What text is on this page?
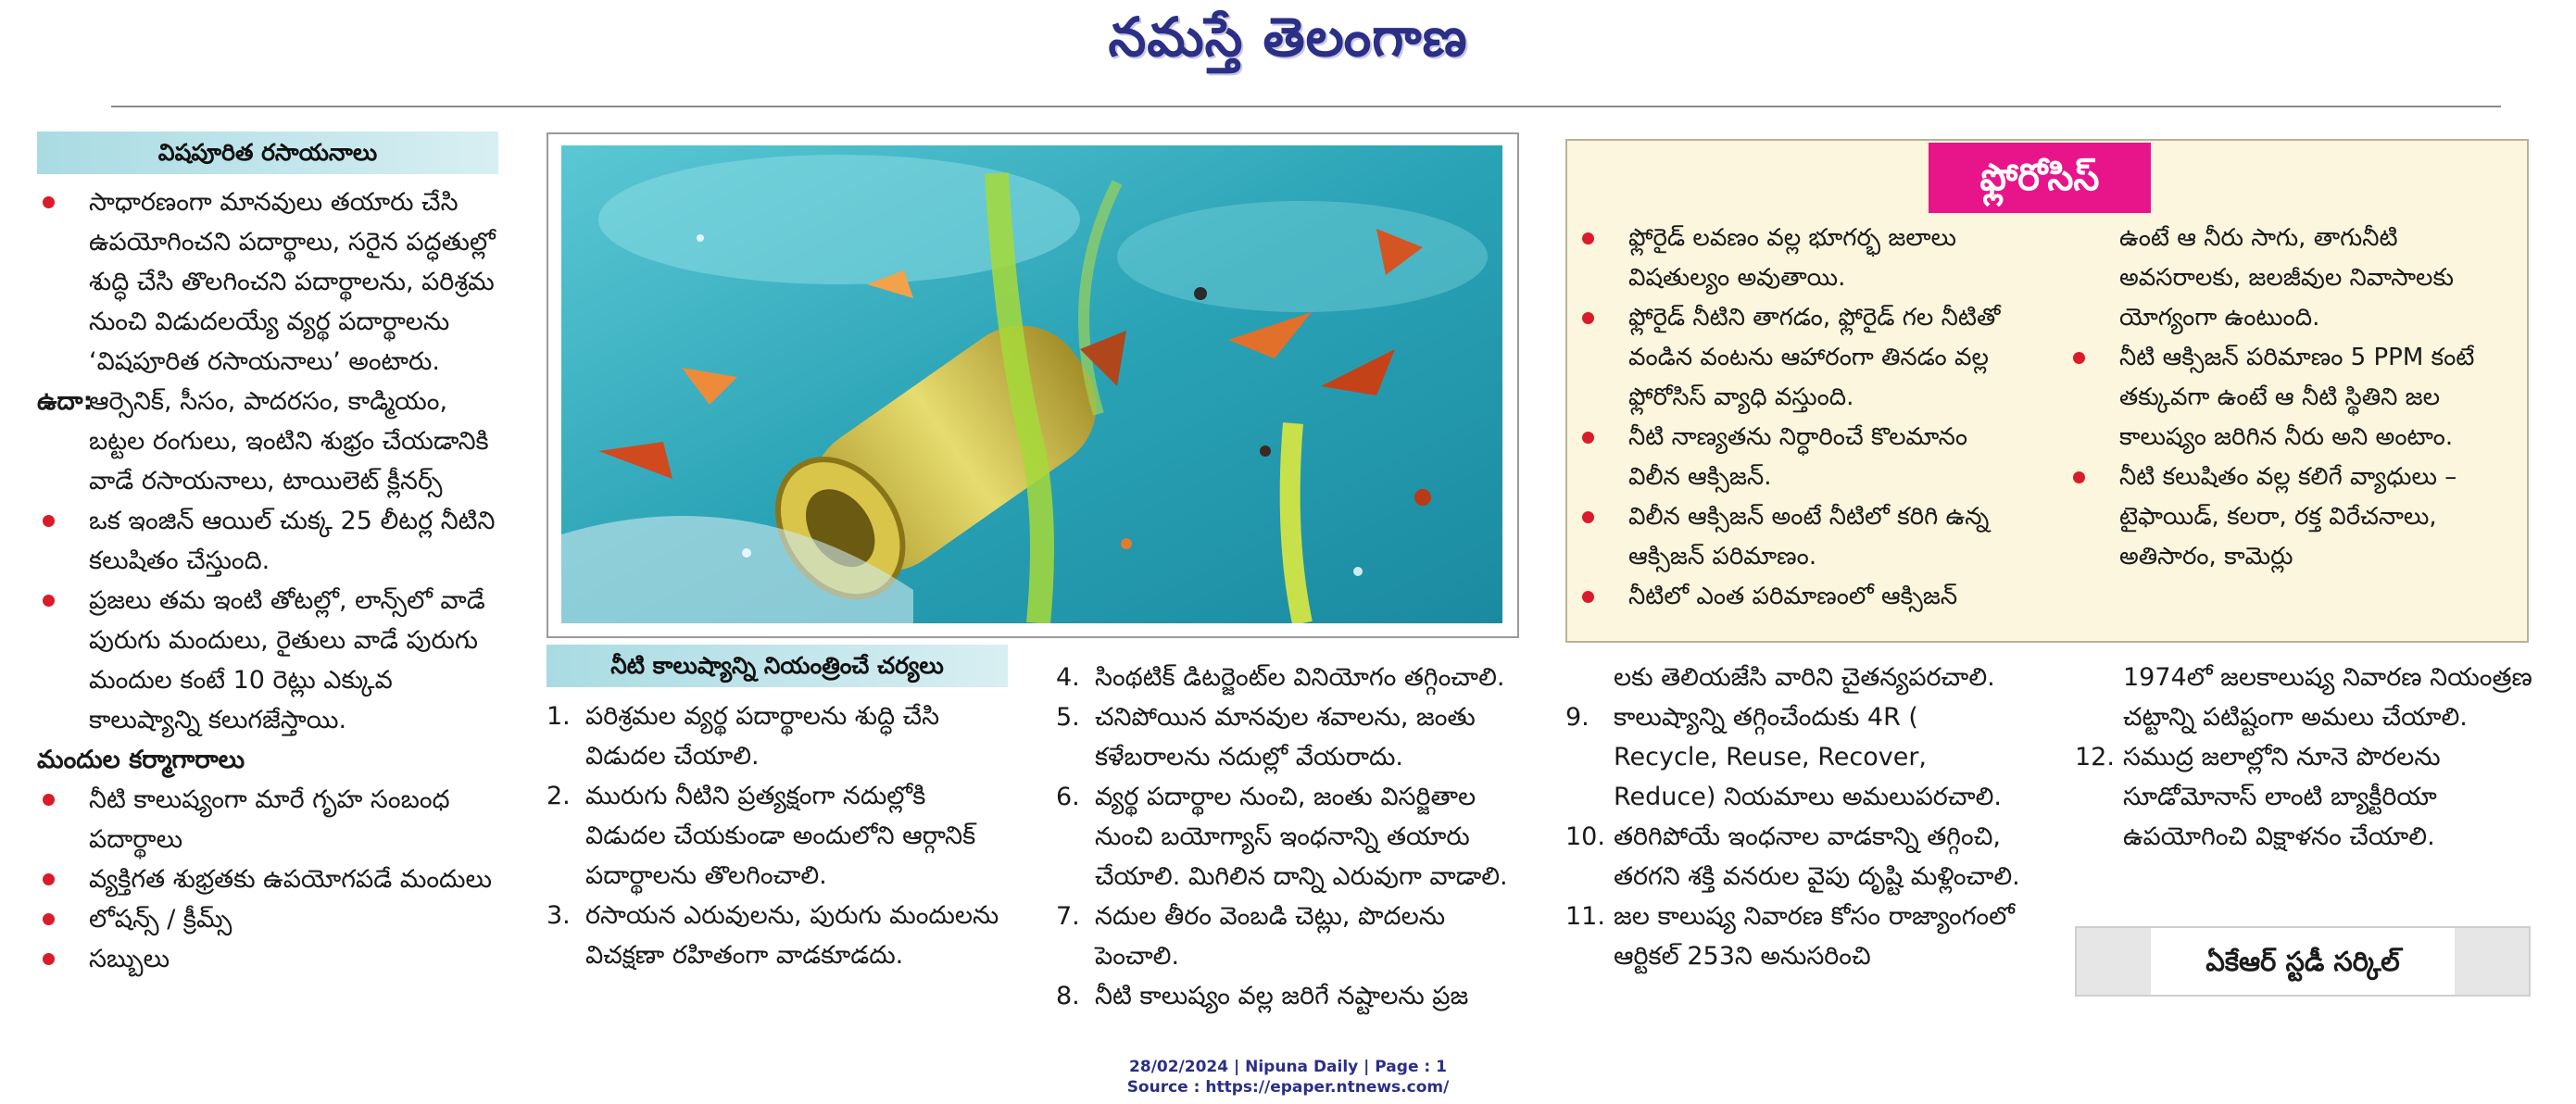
నమస్తే తెలంగాణ
విషపూరిత రసాయనాలు
సాధారణంగా మానవులు తయారు చేసి ఉపయోగించని పదార్థాలు, సరైన పద్ధతుల్లో శుద్ధి చేసి తొలగించని పదార్థాలను, పరిశ్రమ నుంచి విడుదలయ్యే వ్యర్థ పదార్థాలను ‘విషపూరిత రసాయనాలు’ అంటారు.

ఉదా:
ఆర్సెనిక్, సీసం, పాదరసం, కాడ్మియం, బట్టల రంగులు, ఇంటిని శుభ్రం చేయడానికి వాడే రసాయనాలు, టాయిలెట్ క్లీనర్స్

ఒక ఇంజిన్ ఆయిల్ చుక్క 25 లీటర్ల నీటిని కలుషితం చేస్తుంది.
ప్రజలు తమ ఇంటి తోటల్లో, లాన్స్‌లో వాడే పురుగు మందులు, రైతులు వాడే పురుగు మందుల కంటే 10 రెట్లు ఎక్కువ కాలుష్యాన్ని కలుగజేస్తాయి.

మందుల కర్మాగారాలు

నీటి కాలుష్యంగా మారే గృహ సంబంధ పదార్థాలు
వ్యక్తిగత శుభ్రతకు ఉపయోగపడే మందులు
లోషన్స్ / క్రీమ్స్
సబ్బులు
ఫ్లోరోసిస్
ఫ్లోరైడ్ లవణం వల్ల భూగర్భ జలాలు విషతుల్యం అవుతాయి.
ఫ్లోరైడ్ నీటిని తాగడం, ఫ్లోరైడ్ గల నీటితో వండిన వంటను ఆహారంగా తినడం వల్ల ఫ్లోరోసిస్ వ్యాధి వస్తుంది.
నీటి నాణ్యతను నిర్ధారించే కొలమానం విలీన ఆక్సిజన్.
విలీన ఆక్సిజన్ అంటే నీటిలో కరిగి ఉన్న ఆక్సిజన్ పరిమాణం.
నీటిలో ఎంత పరిమాణంలో ఆక్సిజన్

ఉంటే ఆ నీరు సాగు, తాగునీటి అవసరాలకు, జలజీవుల నివాసాలకు యోగ్యంగా ఉంటుంది.

నీటి ఆక్సిజన్ పరిమాణం 5 PPM కంటే తక్కువగా ఉంటే ఆ నీటి స్థితిని జల కాలుష్యం జరిగిన నీరు అని అంటాం.
నీటి కలుషితం వల్ల కలిగే వ్యాధులు – టైఫాయిడ్, కలరా, రక్త విరేచనాలు, అతిసారం, కామెర్లు
నీటి కాలుష్యాన్ని నియంత్రించే చర్యలు
1. పరిశ్రమల వ్యర్థ పదార్థాలను శుద్ధి చేసి విడుదల చేయాలి.
2. మురుగు నీటిని ప్రత్యక్షంగా నదుల్లోకి విడుదల చేయకుండా అందులోని ఆర్గానిక్ పదార్థాలను తొలగించాలి.
3. రసాయన ఎరువులను, పురుగు మందులను విచక్షణా రహితంగా వాడకూడదు.
4. సింథటిక్ డిటర్జెంట్‌ల వినియోగం తగ్గించాలి.
5. చనిపోయిన మానవుల శవాలను, జంతు కళేబరాలను నదుల్లో వేయరాదు.
6. వ్యర్థ పదార్థాల నుంచి, జంతు విసర్జితాల నుంచి బయోగ్యాస్ ఇంధనాన్ని తయారు చేయాలి. మిగిలిన దాన్ని ఎరువుగా వాడాలి.
7. నదుల తీరం వెంబడి చెట్లు, పొదలను పెంచాలి.
8. నీటి కాలుష్యం వల్ల జరిగే నష్టాలను ప్రజ
లకు తెలియజేసి వారిని చైతన్యపరచాలి.
9. కాలుష్యాన్ని తగ్గించేందుకు 4R ( Recycle, Reuse, Recover, Reduce) నియమాలు అమలుపరచాలి.
10. తరిగిపోయే ఇంధనాల వాడకాన్ని తగ్గించి, తరగని శక్తి వనరుల వైపు దృష్టి మళ్లించాలి.
11. జల కాలుష్య నివారణ కోసం రాజ్యాంగంలో ఆర్టికల్ 253ని అనుసరించి
1974లో జలకాలుష్య నివారణ నియంత్రణ చట్టాన్ని పటిష్టంగా అమలు చేయాలి.
12. సముద్ర జలాల్లోని నూనె పొరలను సూడోమోనాస్ లాంటి బ్యాక్టీరియా ఉపయోగించి విక్షాళనం చేయాలి.
ఏకేఆర్ స్టడీ సర్కిల్
28/02/2024 | Nipuna Daily | Page : 1
Source : https://epaper.ntnews.com/
